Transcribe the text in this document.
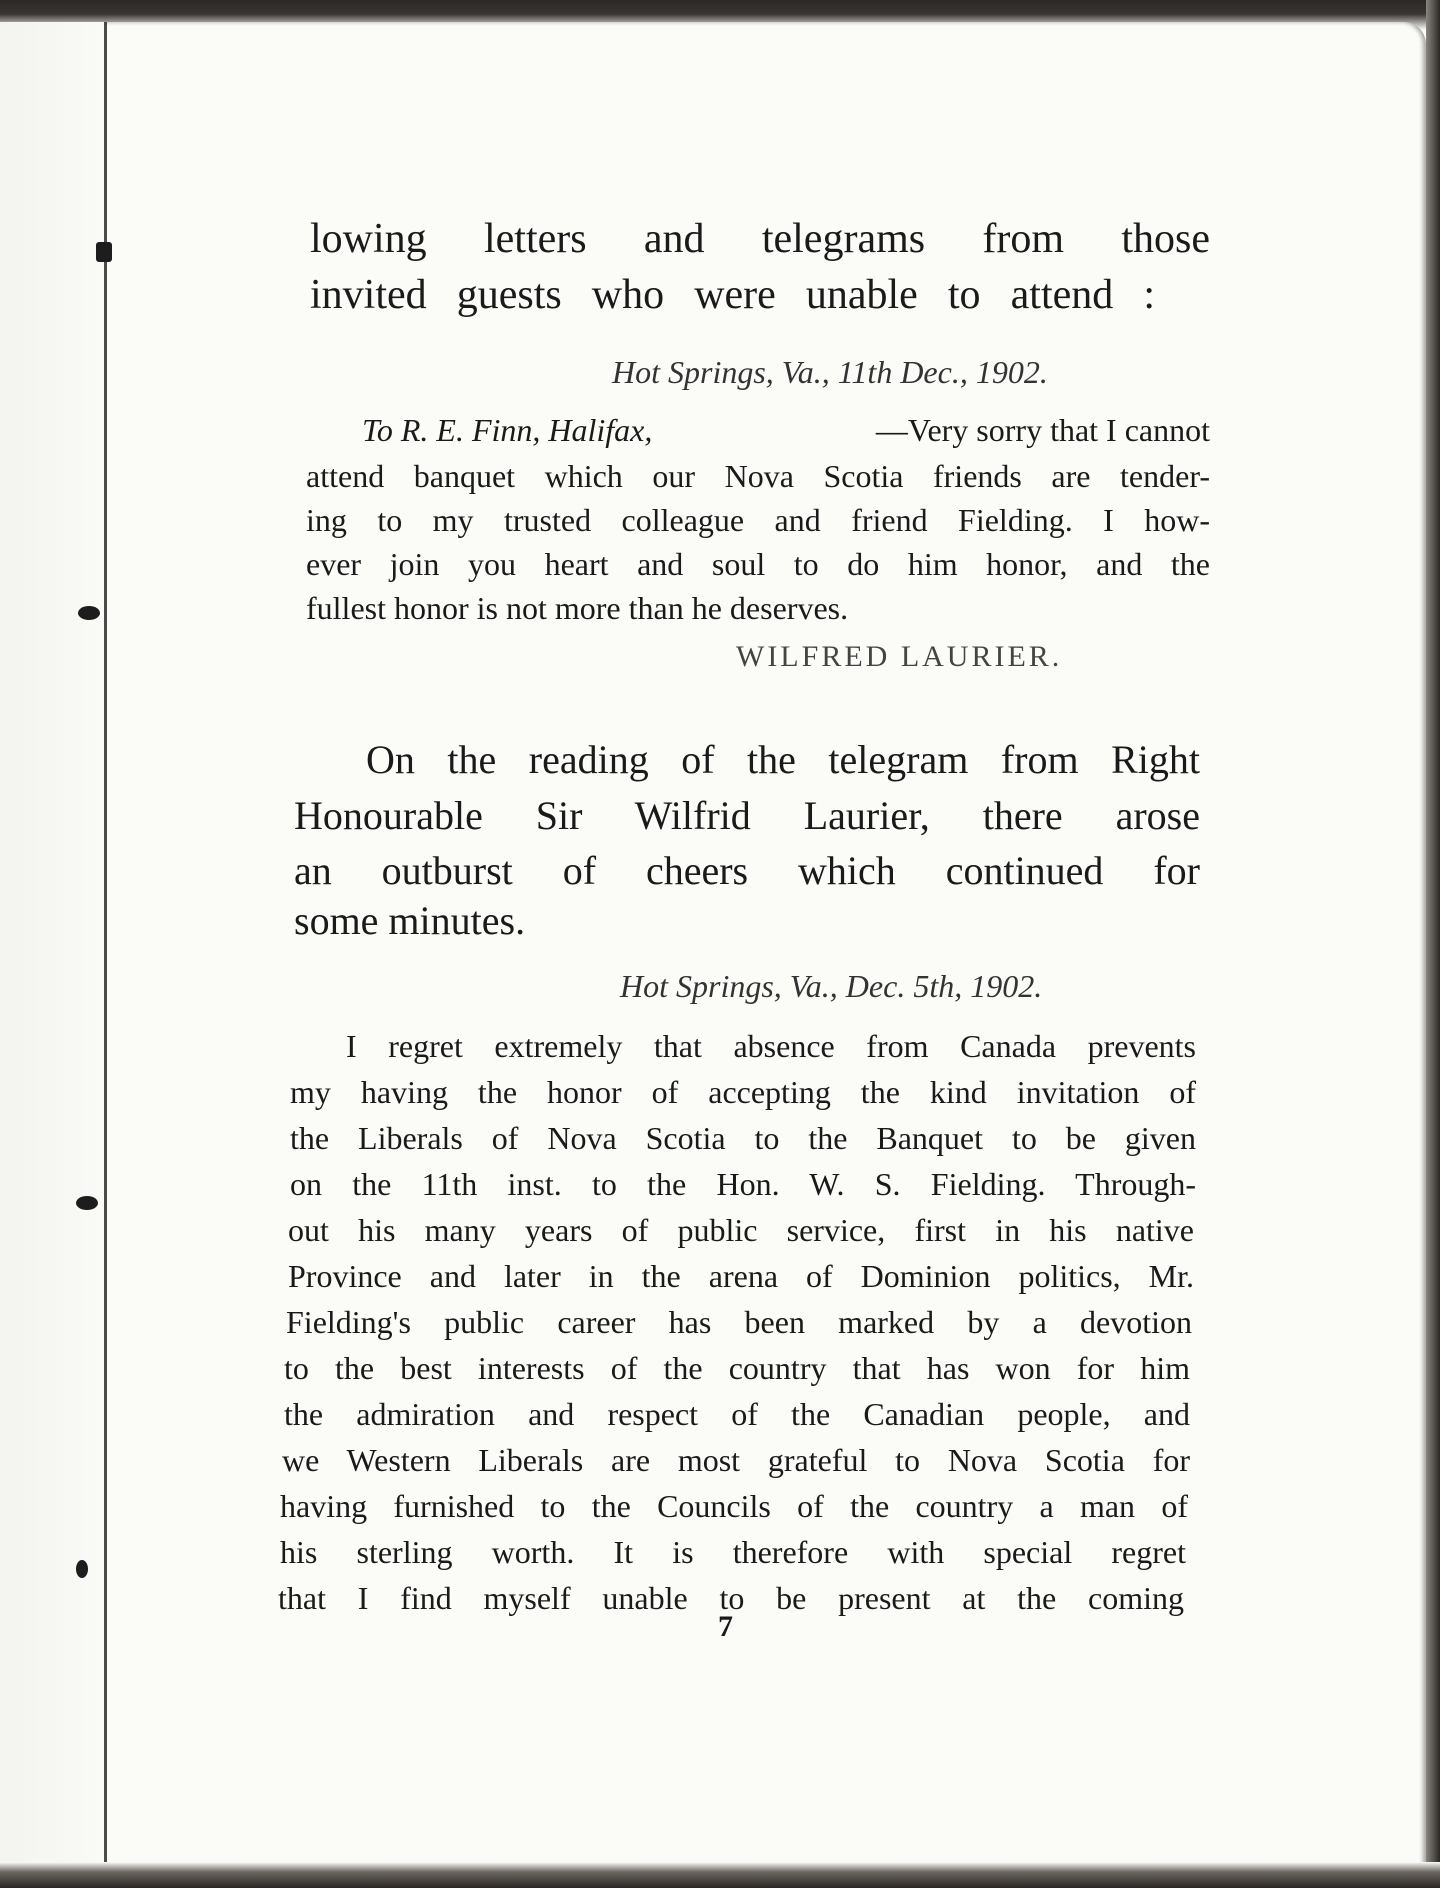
lowing letters and telegrams from those
invited guests who were unable to attend :
Hot Springs, Va., 11th Dec., 1902.
To R. E. Finn, Halifax,	—Very sorry that I cannot
attend banquet which our Nova Scotia friends are tender-
ing to my trusted colleague and friend Fielding. I how-
ever join you heart and soul to do him honor, and the
fullest honor is not more than he deserves.
WILFRED LAURIER.
On the reading of the telegram from Right
Honourable Sir Wilfrid Laurier, there arose
an outburst of cheers which continued for
some minutes.
Hot Springs, Va., Dec. 5th, 1902.
I regret extremely that absence from Canada prevents
my having the honor of accepting the kind invitation of
the Liberals of Nova Scotia to the Banquet to be given
on the 11th inst. to the Hon. W. S. Fielding. Through-
out his many years of public service, first in his native
Province and later in the arena of Dominion politics, Mr.
Fielding's public career has been marked by a devotion
to the best interests of the country that has won for him
the admiration and respect of the Canadian people, and
we Western Liberals are most grateful to Nova Scotia for
having furnished to the Councils of the country a man of
his sterling worth. It is therefore with special regret
that I find myself unable to be present at the coming
7
